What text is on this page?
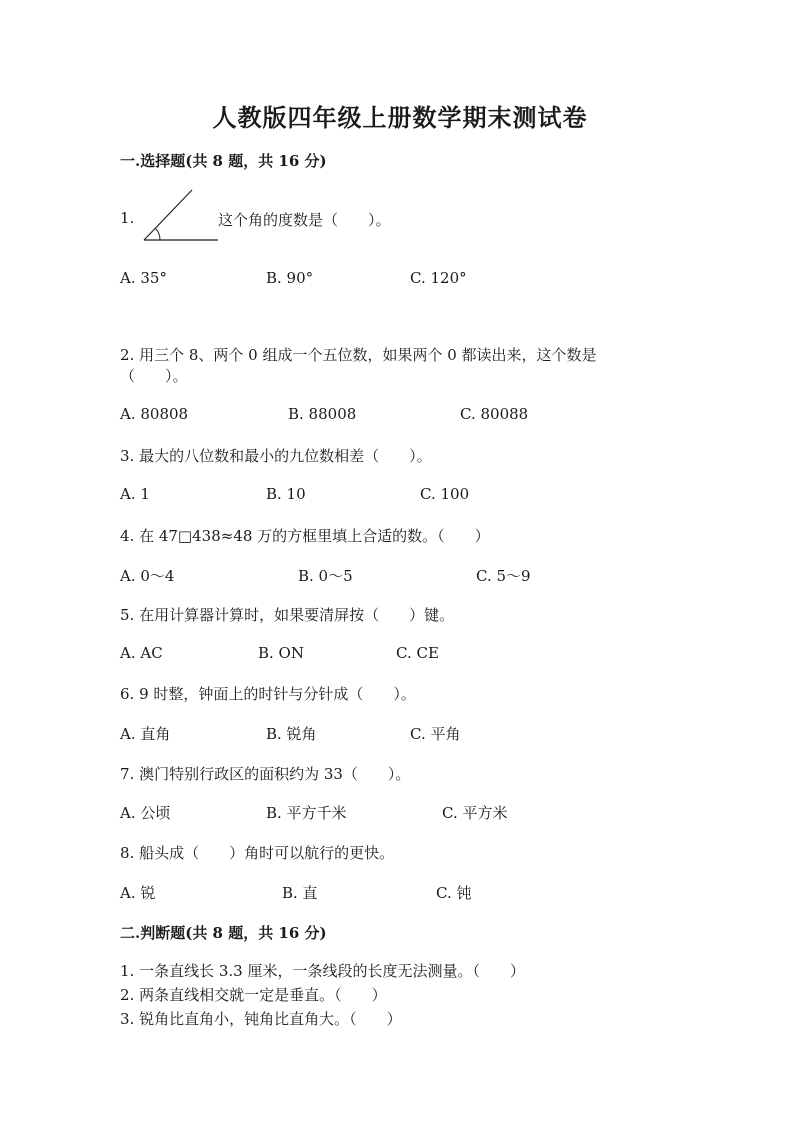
人教版四年级上册数学期末测试卷
一.选择题(共 8 题，共 16 分)
1.	这个角的度数是（　　）。
A. 35°	B. 90°	C. 120°
2. 用三个 8、两个 0 组成一个五位数，如果两个 0 都读出来，这个数是
（　　）。
A. 80808	B. 88008	C. 80088
3. 最大的八位数和最小的九位数相差（　　）。
A. 1	B. 10	C. 100
4. 在 47□438≈48 万的方框里填上合适的数。（　　）
A. 0～4	B. 0～5	C. 5～9
5. 在用计算器计算时，如果要清屏按（　　）键。
A. AC	B. ON	C. CE
6. 9 时整，钟面上的时针与分针成（　　）。
A. 直角	B. 锐角	C. 平角
7. 澳门特别行政区的面积约为 33（　　）。
A. 公顷	B. 平方千米	C. 平方米
8. 船头成（　　）角时可以航行的更快。
A. 锐	B. 直	C. 钝
二.判断题(共 8 题，共 16 分)
1. 一条直线长 3.3 厘米，一条线段的长度无法测量。（　　）
2. 两条直线相交就一定是垂直。（　　）
3. 锐角比直角小，钝角比直角大。（　　）
